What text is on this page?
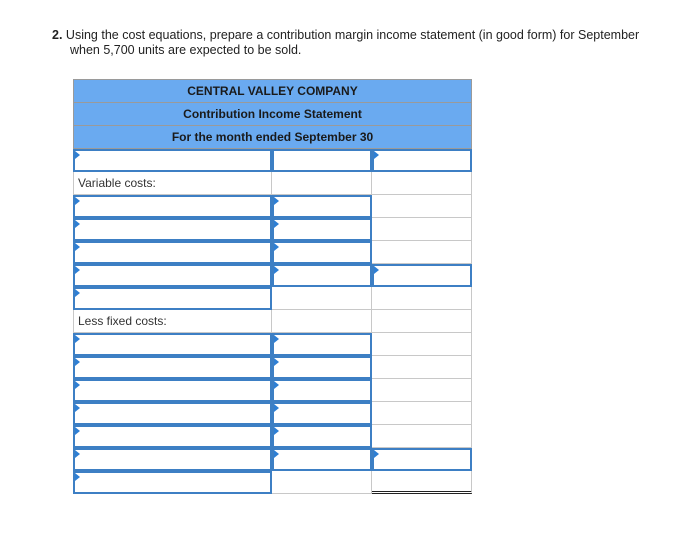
2. Using the cost equations, prepare a contribution margin income statement (in good form) for September
when 5,700 units are expected to be sold.
CENTRAL VALLEY COMPANY
Contribution Income Statement
For the month ended September 30
Variable costs:
Less fixed costs:
